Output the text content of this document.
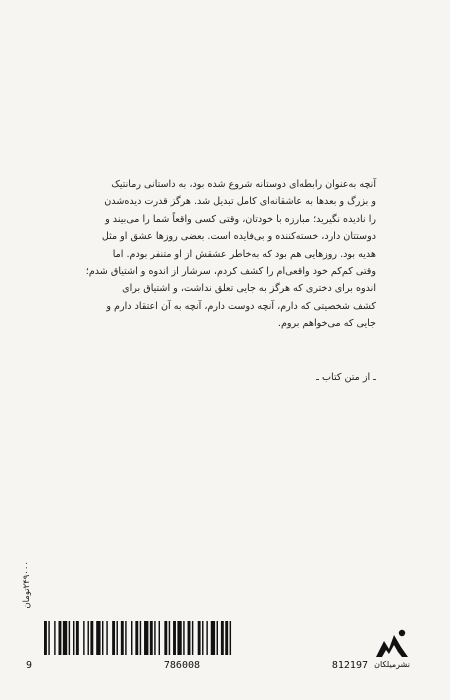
آنچه به‌عنوان رابطه‌ای دوستانه شروع شده بود، به داستانی رمانتیک

و بزرگ و بعدها به عاشقانه‌ای کامل تبدیل شد. هرگز قدرت دیده‌شدن

را نادیده نگیرید؛ مبارزه با خودتان، وقتی کسی واقعاً شما را می‌بیند و

دوستتان دارد، خسته‌کننده و بی‌فایده است. بعضی روزها عشق او مثل

هدیه بود. روزهایی هم بود که به‌خاطر عشقش از او متنفر بودم. اما

وقتی کم‌کم خود واقعی‌ام را کشف کردم، سرشار از اندوه و اشتیاق شدم؛

اندوه برای دختری که هرگز به جایی تعلق نداشت، و اشتیاق برای

کشف شخصیتی که دارم، آنچه دوست دارم، آنچه به آن اعتقاد دارم و

جایی که می‌خواهم بروم.

ـ از متن کتاب ـ
۲۴۹۰۰۰تومان
9	786008	812197 نشرمیلکان
